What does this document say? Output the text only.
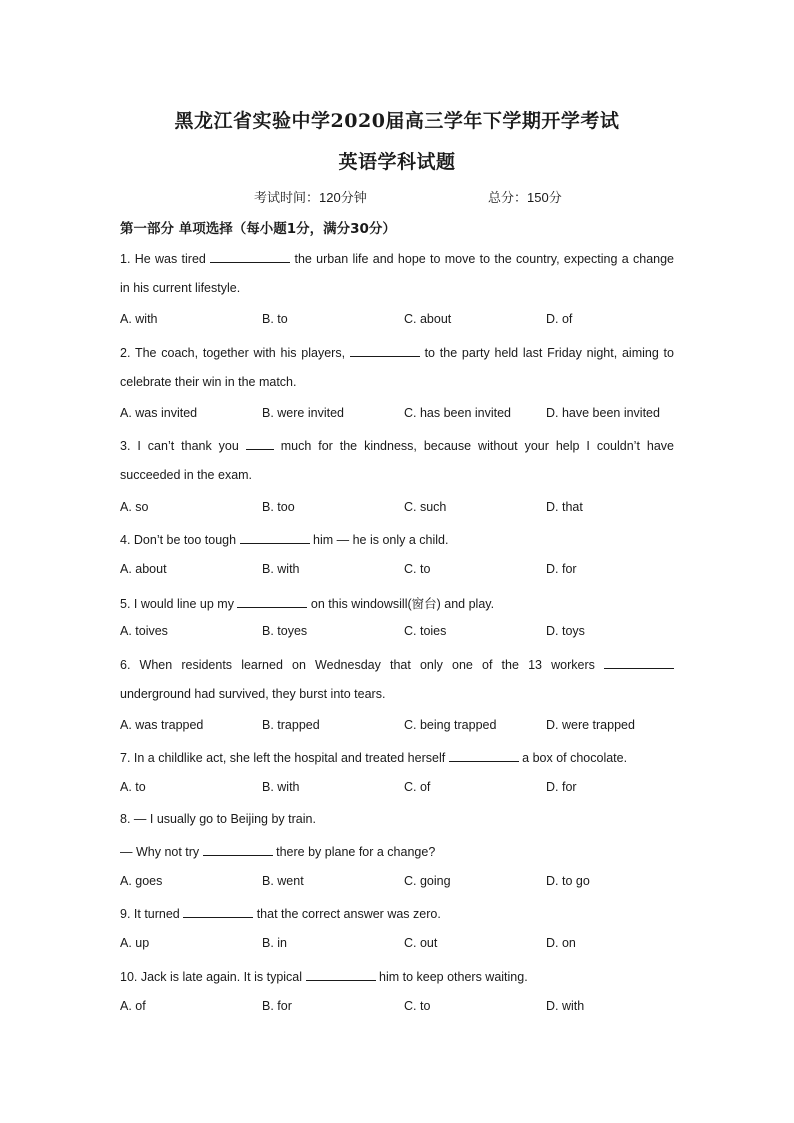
黑龙江省实验中学2020届高三学年下学期开学考试
英语学科试题
考试时间：120分钟	总分：150分
第一部分 单项选择（每小题1分，满分30分）
1. He was tired	the urban life and hope to move to the country, expecting a change
in his current lifestyle.
A. with	B. to	C. about	D. of
2. The coach, together with his players,	to the party held last Friday night, aiming to
celebrate their win in the match.
A. was invited	B. were invited	C. has been invited	D. have been invited
3. I can’t thank you  much for the kindness, because without your help I couldn’t have
succeeded in the exam.
A. so	B. too	C. such	D. that
4. Don’t be too tough	him — he is only a child.
A. about	B. with	C. to	D. for
5. I would line up my	on this windowsill(窗台) and play.
A. toives	B. toyes	C. toies	D. toys
6. When residents learned on Wednesday that only one of the 13 workers
underground had survived, they burst into tears.
A. was trapped	B. trapped	C. being trapped	D. were trapped
7. In a childlike act, she left the hospital and treated herself	a box of chocolate.
A. to	B. with	C. of	D. for
8. — I usually go to Beijing by train.
— Why not try	there by plane for a change?
A. goes	B. went	C. going	D. to go
9. It turned	that the correct answer was zero.
A. up	B. in	C. out	D. on
10. Jack is late again. It is typical	him to keep others waiting.
A. of	B. for	C. to	D. with
